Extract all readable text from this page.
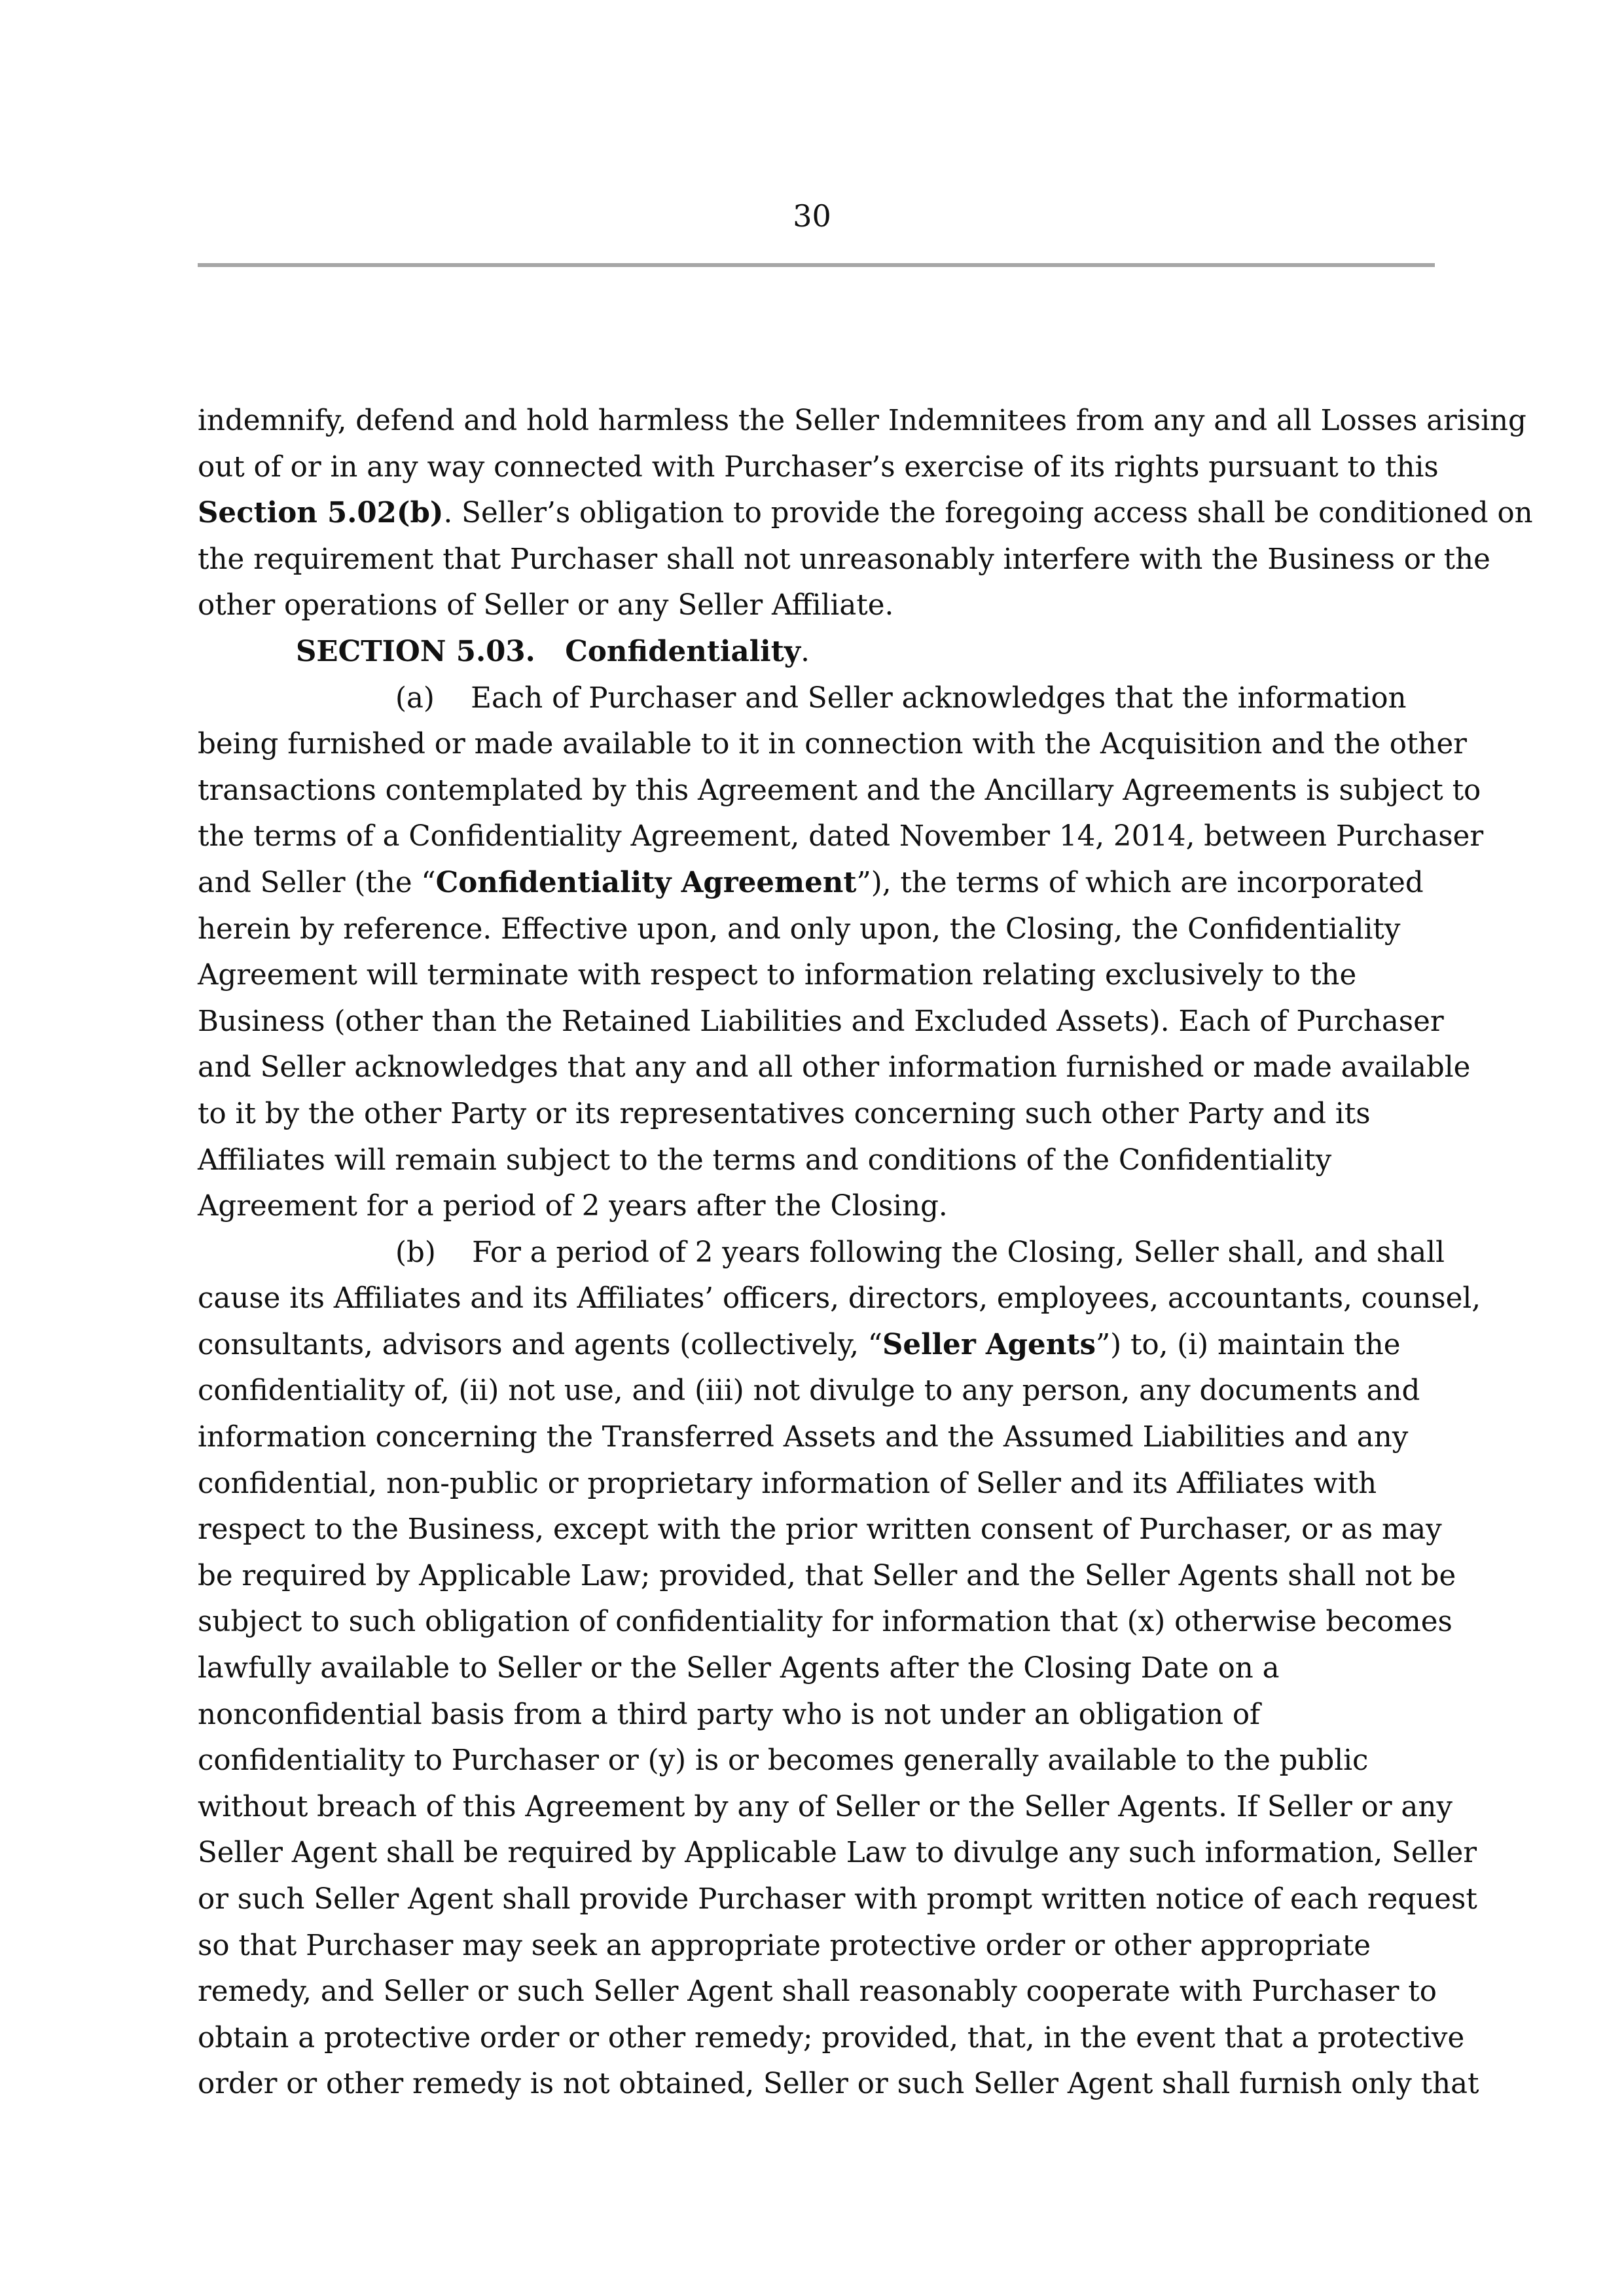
30
indemnify, defend and hold harmless the Seller Indemnitees from any and all Losses arising
out of or in any way connected with Purchaser’s exercise of its rights pursuant to this
Section 5.02(b). Seller’s obligation to provide the foregoing access shall be conditioned on
the requirement that Purchaser shall not unreasonably interfere with the Business or the
other operations of Seller or any Seller Affiliate.
SECTION 5.03.   Confidentiality.
(a)    Each of Purchaser and Seller acknowledges that the information
being furnished or made available to it in connection with the Acquisition and the other
transactions contemplated by this Agreement and the Ancillary Agreements is subject to
the terms of a Confidentiality Agreement, dated November 14, 2014, between Purchaser
and Seller (the “Confidentiality Agreement”), the terms of which are incorporated
herein by reference. Effective upon, and only upon, the Closing, the Confidentiality
Agreement will terminate with respect to information relating exclusively to the
Business (other than the Retained Liabilities and Excluded Assets). Each of Purchaser
and Seller acknowledges that any and all other information furnished or made available
to it by the other Party or its representatives concerning such other Party and its
Affiliates will remain subject to the terms and conditions of the Confidentiality
Agreement for a period of 2 years after the Closing.
(b)    For a period of 2 years following the Closing, Seller shall, and shall
cause its Affiliates and its Affiliates’ officers, directors, employees, accountants, counsel,
consultants, advisors and agents (collectively, “Seller Agents”) to, (i) maintain the
confidentiality of, (ii) not use, and (iii) not divulge to any person, any documents and
information concerning the Transferred Assets and the Assumed Liabilities and any
confidential, non-public or proprietary information of Seller and its Affiliates with
respect to the Business, except with the prior written consent of Purchaser, or as may
be required by Applicable Law; provided, that Seller and the Seller Agents shall not be
subject to such obligation of confidentiality for information that (x) otherwise becomes
lawfully available to Seller or the Seller Agents after the Closing Date on a
nonconfidential basis from a third party who is not under an obligation of
confidentiality to Purchaser or (y) is or becomes generally available to the public
without breach of this Agreement by any of Seller or the Seller Agents. If Seller or any
Seller Agent shall be required by Applicable Law to divulge any such information, Seller
or such Seller Agent shall provide Purchaser with prompt written notice of each request
so that Purchaser may seek an appropriate protective order or other appropriate
remedy, and Seller or such Seller Agent shall reasonably cooperate with Purchaser to
obtain a protective order or other remedy; provided, that, in the event that a protective
order or other remedy is not obtained, Seller or such Seller Agent shall furnish only that
